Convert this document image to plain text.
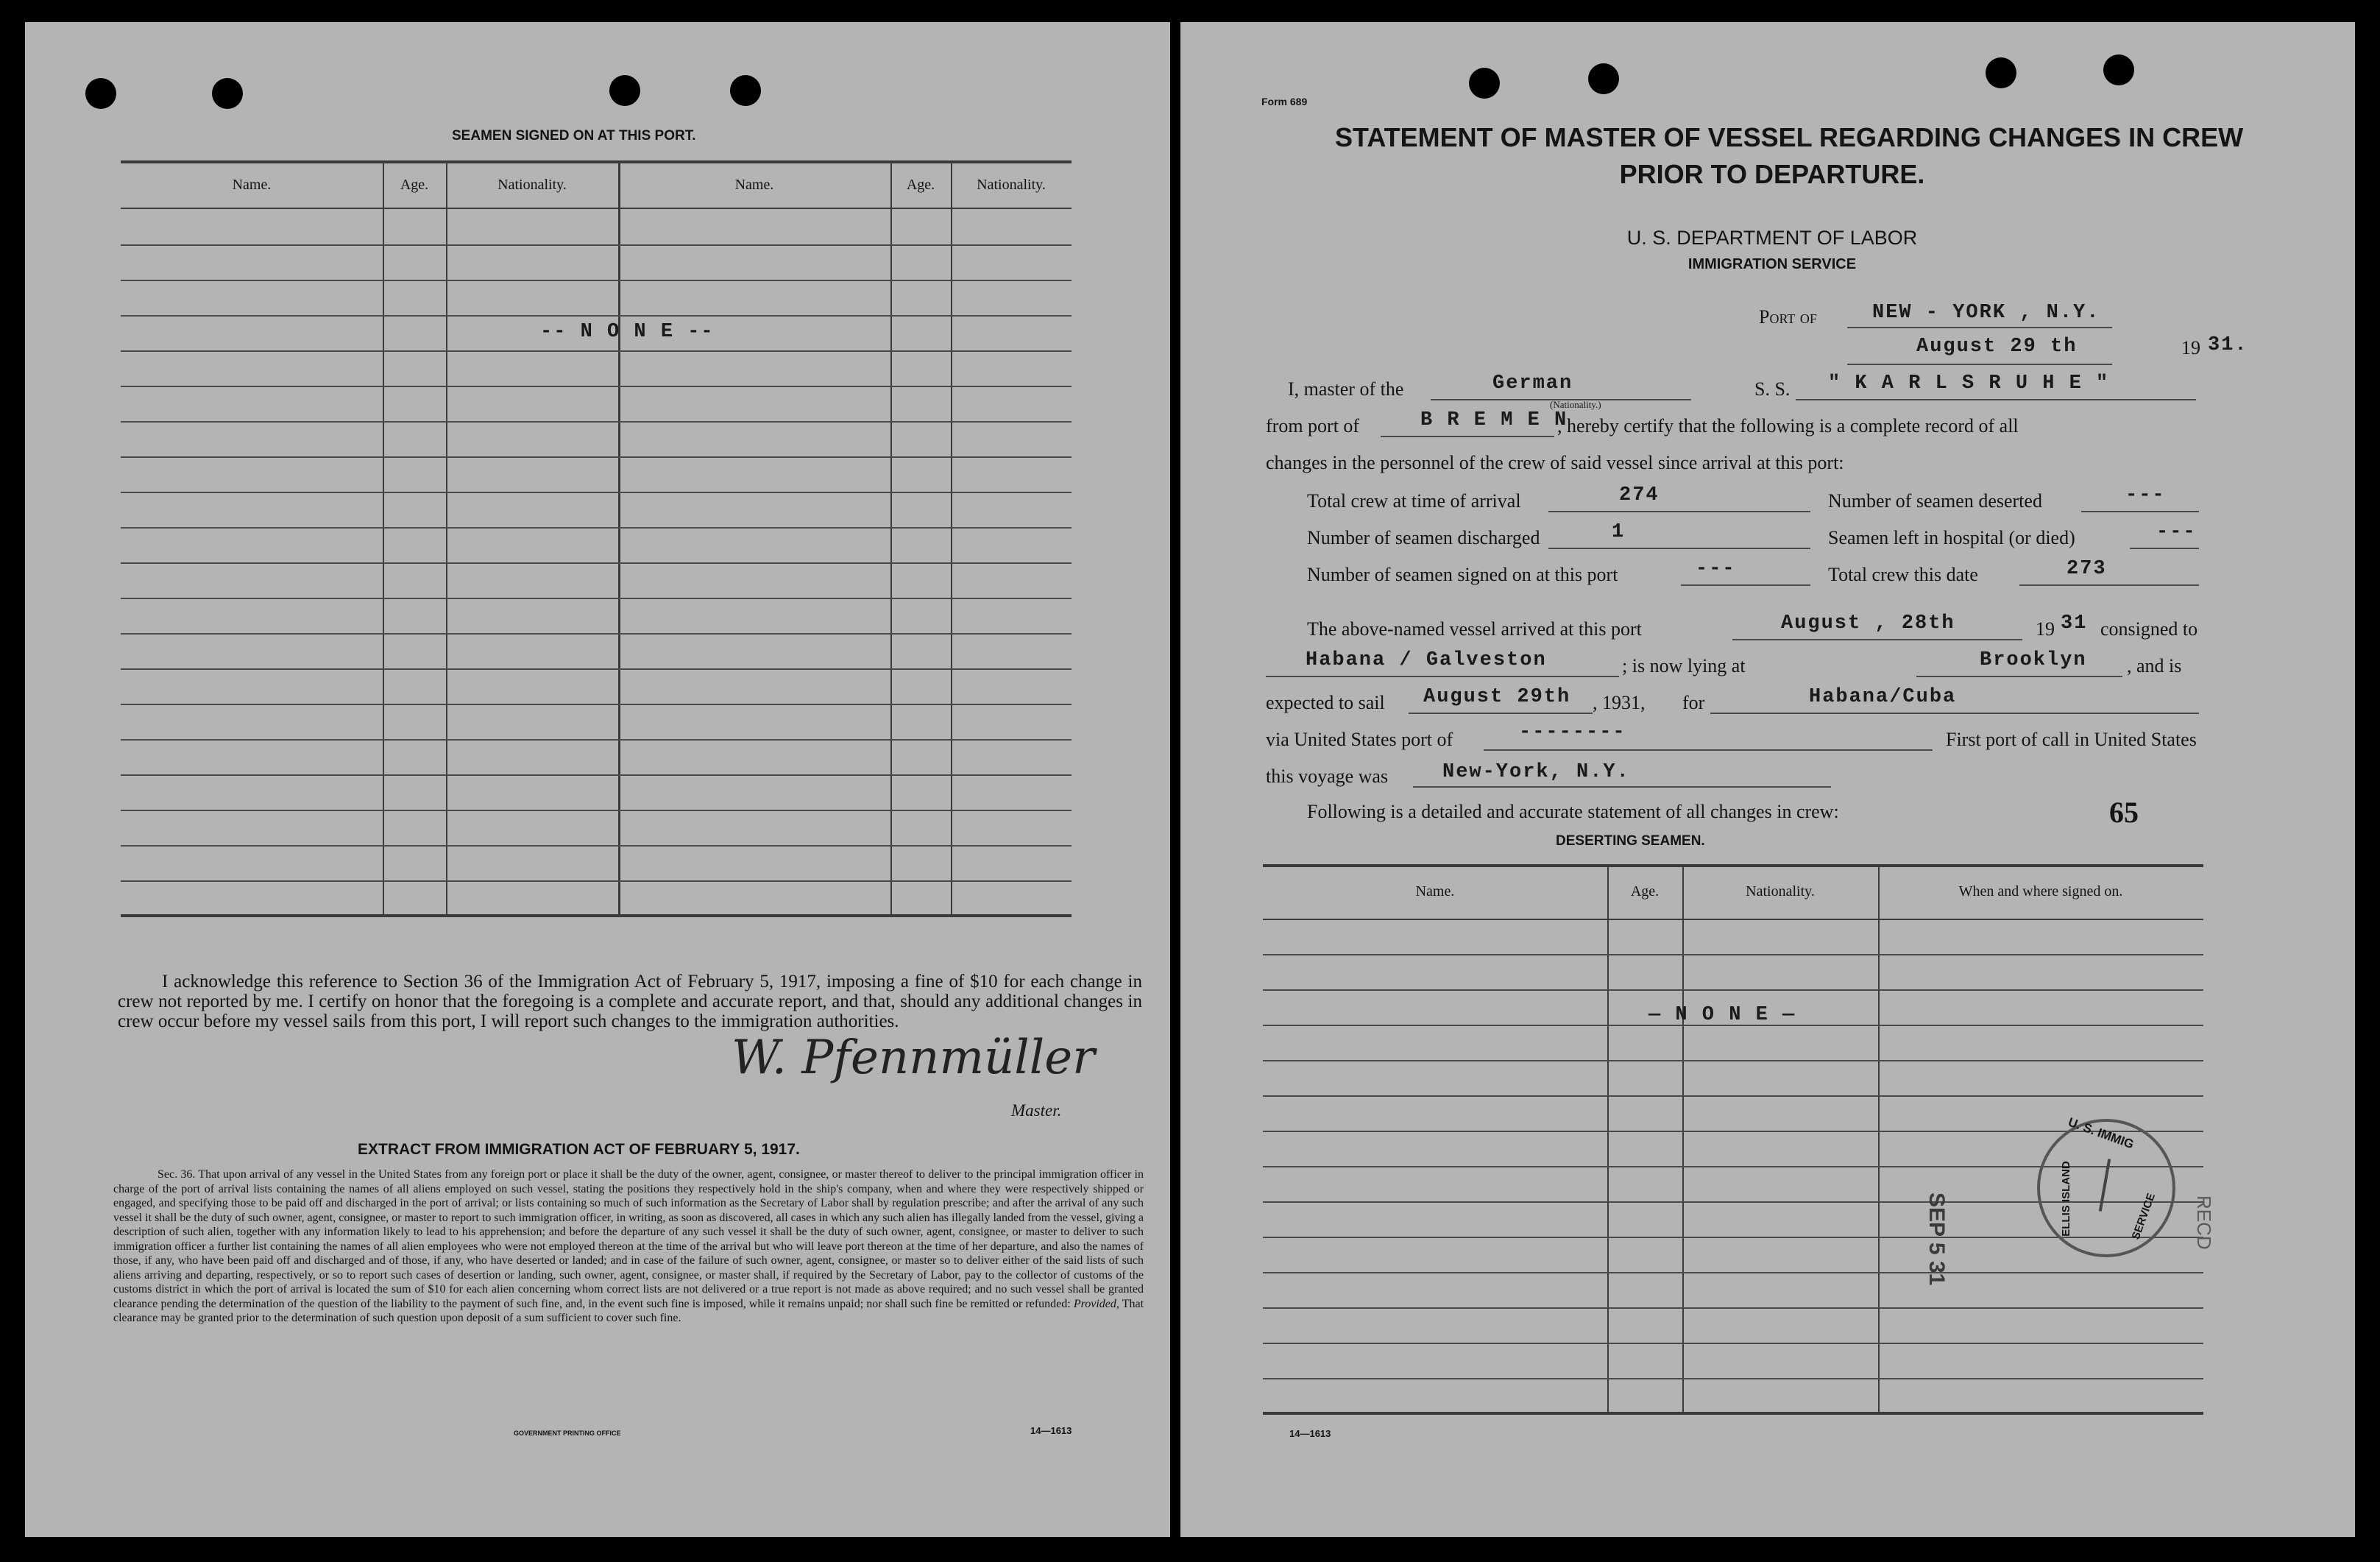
SEAMEN SIGNED ON AT THIS PORT.
Name.	Age.	Nationality.	Name.	Age.	Nationality.
-- N O N E --
I acknowledge this reference to Section 36 of the Immigration Act of February 5, 1917, imposing a fine of $10 for each change in crew not reported by me. I certify on honor that the foregoing is a complete and accurate report, and that, should any additional changes in crew occur before my vessel sails from this port, I will report such changes to the immigration authorities.
W. Pfennmüller
Master.
EXTRACT FROM IMMIGRATION ACT OF FEBRUARY 5, 1917.
Sec. 36. That upon arrival of any vessel in the United States from any foreign port or place it shall be the duty of the owner, agent, consignee, or master thereof to deliver to the principal immigration officer in charge of the port of arrival lists containing the names of all aliens employed on such vessel, stating the positions they respectively hold in the ship's company, when and where they were respectively shipped or engaged, and specifying those to be paid off and discharged in the port of arrival; or lists containing so much of such information as the Secretary of Labor shall by regulation prescribe; and after the arrival of any such vessel it shall be the duty of such owner, agent, consignee, or master to report to such immigration officer, in writing, as soon as discovered, all cases in which any such alien has illegally landed from the vessel, giving a description of such alien, together with any information likely to lead to his apprehension; and before the departure of any such vessel it shall be the duty of such owner, agent, consignee, or master to deliver to such immigration officer a further list containing the names of all alien employees who were not employed thereon at the time of the arrival but who will leave port thereon at the time of her departure, and also the names of those, if any, who have been paid off and discharged and of those, if any, who have deserted or landed; and in case of the failure of such owner, agent, consignee, or master so to deliver either of the said lists of such aliens arriving and departing, respectively, or so to report such cases of desertion or landing, such owner, agent, consignee, or master shall, if required by the Secretary of Labor, pay to the collector of customs of the customs district in which the port of arrival is located the sum of $10 for each alien concerning whom correct lists are not delivered or a true report is not made as above required; and no such vessel shall be granted clearance pending the determination of the question of the liability to the payment of such fine, and, in the event such fine is imposed, while it remains unpaid; nor shall such fine be remitted or refunded: Provided, That clearance may be granted prior to the determination of such question upon deposit of a sum sufficient to cover such fine.
GOVERNMENT PRINTING OFFICE	14—1613
Form 689
STATEMENT OF MASTER OF VESSEL REGARDING CHANGES IN CREW
PRIOR TO DEPARTURE.
U. S. DEPARTMENT OF LABOR
IMMIGRATION SERVICE
Port of	NEW - YORK , N.Y.
August 29 th	19 31.
I, master of the	German
(Nationality.)
S. S. " K A R L S R U H E "
from port of	B R E M E N
, hereby certify that the following is a complete record of all
changes in the personnel of the crew of said vessel since arrival at this port:
Total crew at time of arrival	274	Number of seamen deserted	---
Number of seamen discharged	1	Seamen left in hospital (or died)	---
Number of seamen signed on at this port	---	Total crew this date	273
The above-named vessel arrived at this port	August , 28th	19 31 consigned to
Habana / Galveston	; is now lying at	Brooklyn , and is
expected to sail August 29th , 1931, for	Habana/Cuba
via United States port of	--------	First port of call in United States
this voyage was	New-York, N.Y.
Following is a detailed and accurate statement of all changes in crew:	65
DESERTING SEAMEN.
Name.	Age.	Nationality.	When and where signed on.
— N O N E —
U. S. IMMIG
SERVICE
ELLIS ISLAND
SEP 5 31	RECD
14—1613
